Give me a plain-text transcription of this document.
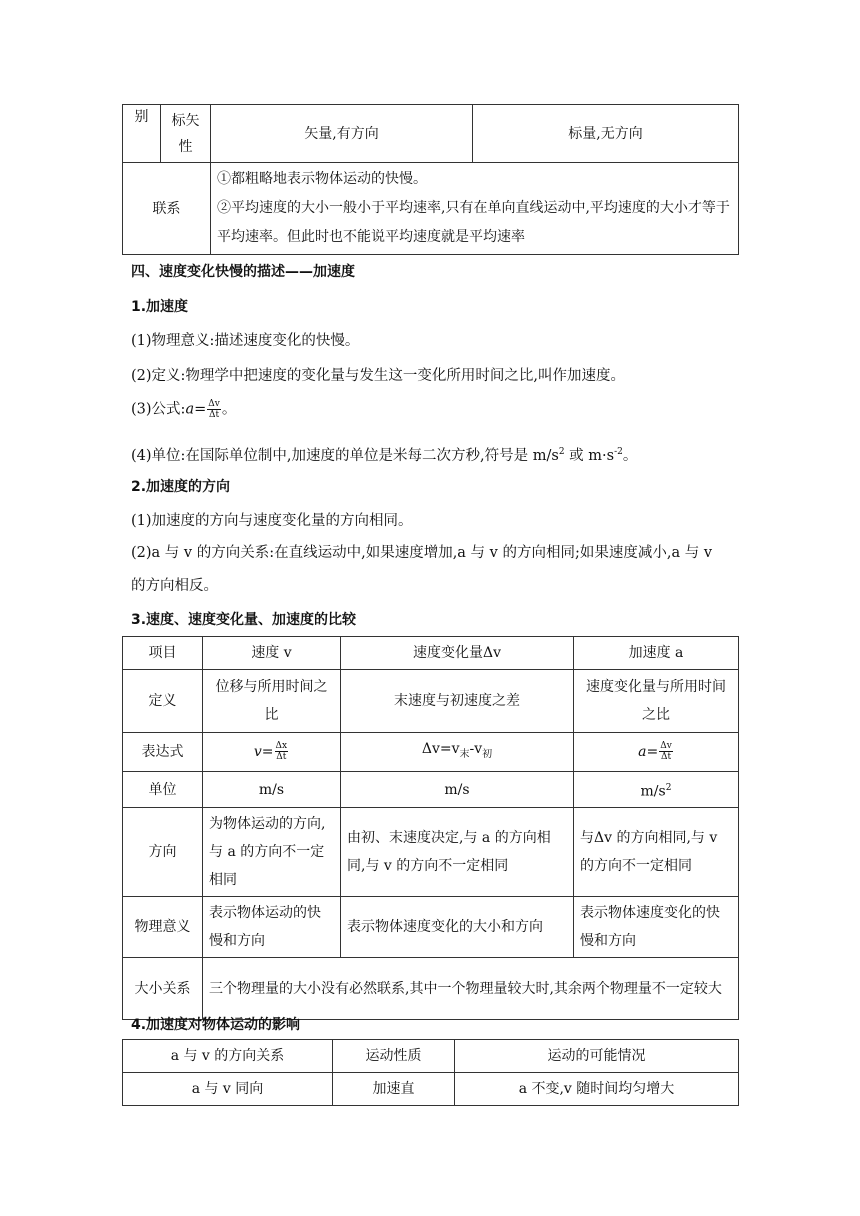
别	标矢性	矢量,有方向	标量,无方向
联系		①都粗略地表示物体运动的快慢。
②平均速度的大小一般小于平均速率,只有在单向直线运动中,平均速度的大小才等于平均速率。但此时也不能说平均速度就是平均速率	
四、速度变化快慢的描述——加速度
1.加速度
(1)物理意义:描述速度变化的快慢。
(2)定义:物理学中把速度的变化量与发生这一变化所用时间之比,叫作加速度。
(3)公式:a= $\frac{\Delta v}{\Delta t}$ 。
(4)单位:在国际单位制中,加速度的单位是米每二次方秒,符号是 $m/s^2$ 或 $m\cdot s^{-2}$。
2.加速度的方向
(1)加速度的方向与速度变化量的方向相同。
(2)a 与 v 的方向关系:在直线运动中,如果速度增加,a 与 v 的方向相同;如果速度减小,a 与 v
的方向相反。
3.速度、速度变化量、加速度的比较
项目	速度 v	速度变化量Δv	加速度 a
定义	位移与所用时间之比	末速度与初速度之差	速度变化量与所用时间之比
表达式	$v= \frac{\Delta x}{\Delta t}$	$\Delta v=v_末-v_初$	$a= \frac{\Delta v}{\Delta t}$

单位	m/s	m/s	$m/s^2$
方向	为物体运动的方向,与 a 的方向不一定相同	由初、末速度决定,与 a 的方向相同,与 v 的方向不一定相同	与Δv 的方向相同,与 v 的方向不一定相同
物理意义	表示物体运动的快慢和方向	表示物体速度变化的大小和方向	表示物体速度变化的快慢和方向
大小关系	三个物理量的大小没有必然联系,其中一个物理量较大时,其余两个物理量不一定较大		
4.加速度对物体运动的影响
a 与 v 的方向关系	运动性质	运动的可能情况
a 与 v 同向	加速直	a 不变,v 随时间均匀增大
